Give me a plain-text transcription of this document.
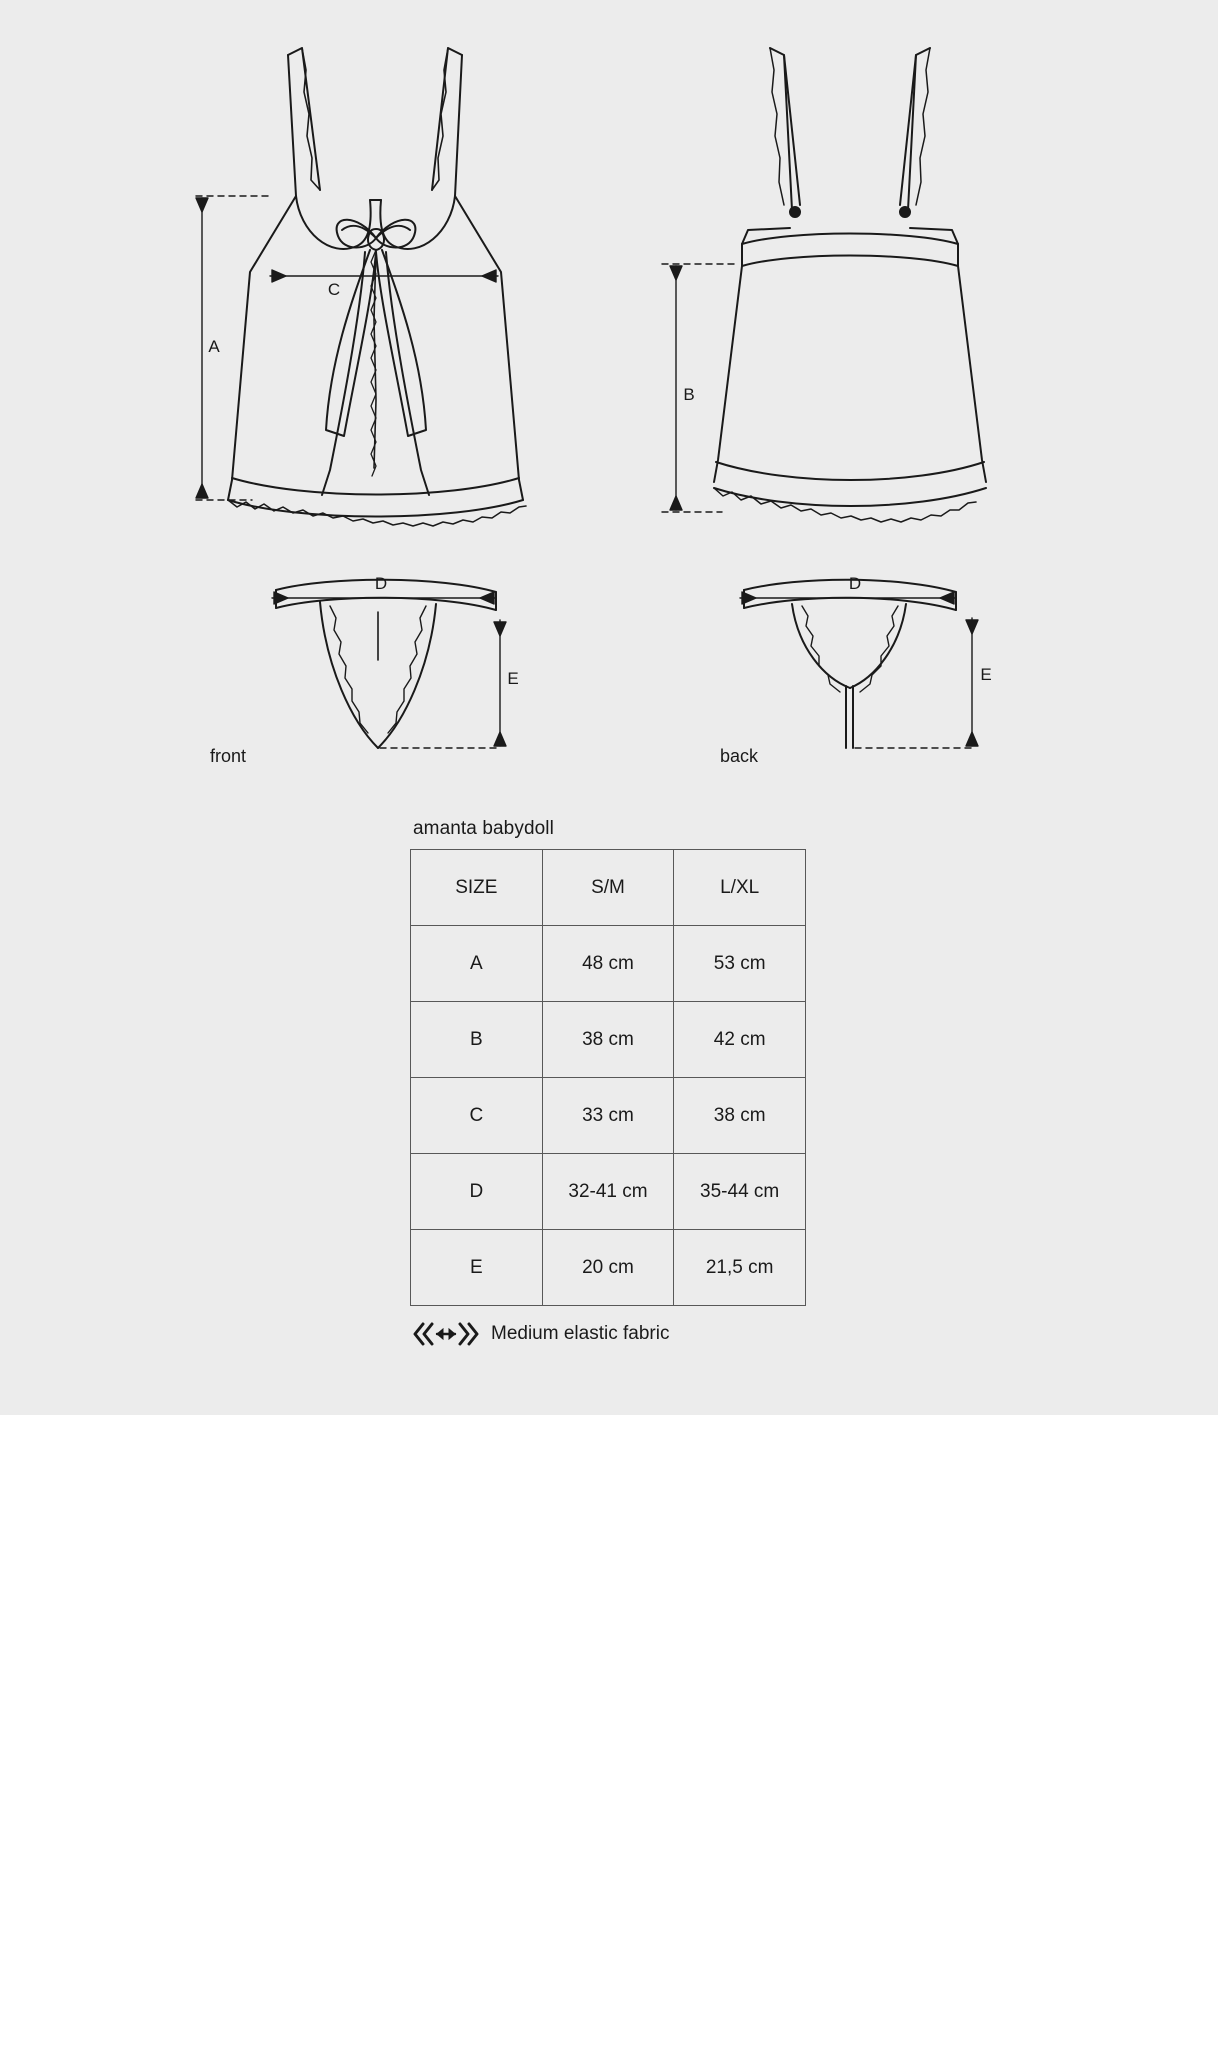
A
C
B
D
E
D
E
front	back
amanta babydoll
SIZE	S/M	L/XL
A	48 cm	53 cm
B	38 cm	42 cm
C	33 cm	38 cm
D	32-41 cm	35-44 cm
E	20 cm	21,5 cm
Medium elastic fabric
